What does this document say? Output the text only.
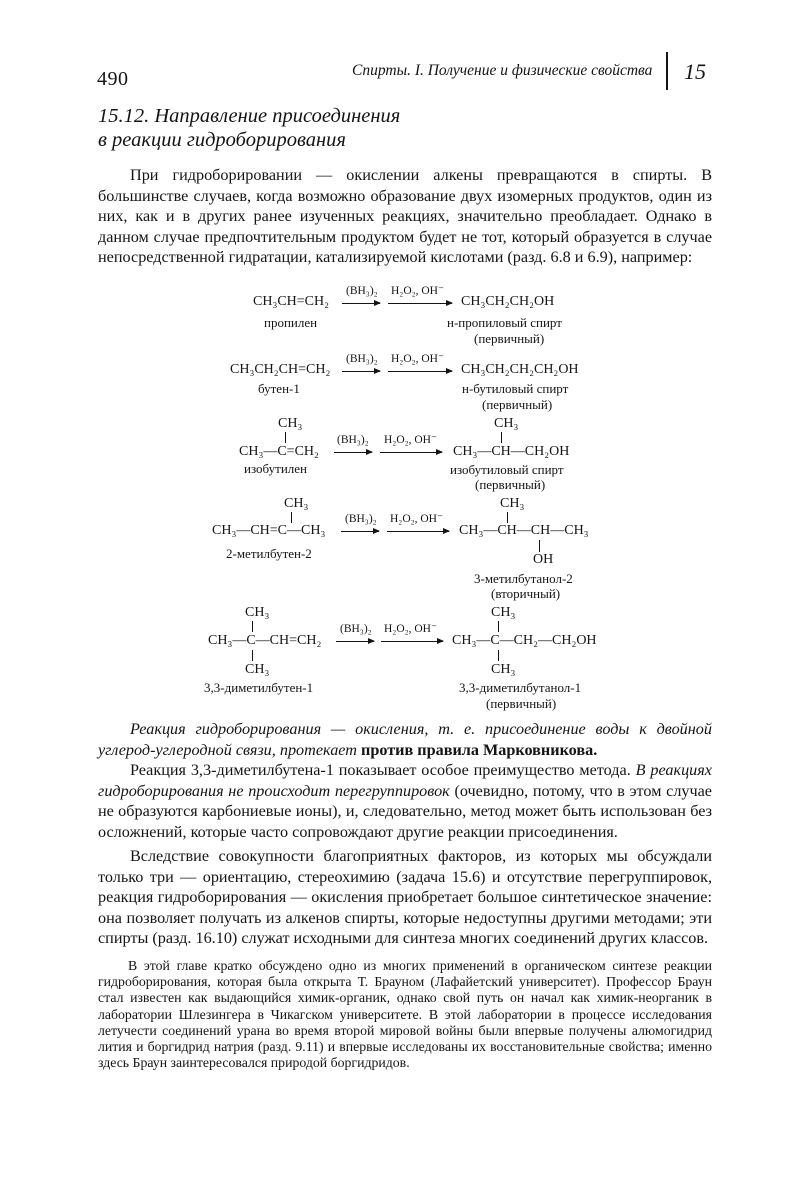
490	Спирты. I. Получение и физические свойства 15
15.12. Направление присоединения
в реакции гидроборирования

При гидроборировании — окислении алкены превращаются в спирты. В большинстве случаев, когда возможно образование двух изомерных продуктов, один из них, как и в других ранее изученных реакциях, значительно преобладает. Однако в данном случае предпочтительным продуктом будет не тот, который образуется в случае непосредственной гидратации, катализируемой кислотами (разд. 6.8 и 6.9), например:

CH₃CH=CH₂
(BH₃)₂ H₂O₂, OH⁻
→ CH₃CH₂CH₂OH
пропилен	н-пропиловый спирт
(первичный)
CH₃CH₂CH=CH₂
(BH₃)₂ H₂O₂, OH⁻
→ CH₃CH₂CH₂CH₂OH
бутен-1	н-бутиловый спирт
(первичный)
CH₃
CH₃—C=CH₂
(BH₃)₂ H₂O₂, OH⁻
CH₃
CH₃—CH—CH₂OH
изобутилен	изобутиловый спирт
(первичный)
CH₃
CH₃—CH=C—CH₃
(BH₃)₂ H₂O₂, OH⁻
CH₃
CH₃—CH—CH—CH₃
OH
2-метилбутен-2
3-метилбутанол-2
(вторичный)
CH₃
CH₃—C—CH=CH₂
CH₃
(BH₃)₂ H₂O₂, OH⁻
CH₃
CH₃—C—CH₂—CH₂OH
CH₃
3,3-диметилбутен-1	3,3-диметилбутанол-1
(первичный)

Реакция гидроборирования — окисления, т. е. присоединение воды к двойной углерод-углеродной связи, протекает против правила Марковникова.

Реакция 3,3-диметилбутена-1 показывает особое преимущество метода. В реакциях гидроборирования не происходит перегруппировок (очевидно, потому, что в этом случае не образуются карбониевые ионы), и, следовательно, метод может быть использован без осложнений, которые часто сопровождают другие реакции присоединения.

Вследствие совокупности благоприятных факторов, из которых мы обсуждали только три — ориентацию, стереохимию (задача 15.6) и отсутствие перегруппировок, реакция гидроборирования — окисления приобретает большое синтетическое значение: она позволяет получать из алкенов спирты, которые недоступны другими методами; эти спирты (разд. 16.10) служат исходными для синтеза многих соединений других классов.

В этой главе кратко обсуждено одно из многих применений в органическом синтезе реакции гидроборирования, которая была открыта Т. Брауном (Лафайетский университет). Профессор Браун стал известен как выдающийся химик-органик, однако свой путь он начал как химик-неорганик в лаборатории Шлезингера в Чикагском университете. В этой лаборатории в процессе исследования летучести соединений урана во время второй мировой войны были впервые получены алюмогидрид лития и боргидрид натрия (разд. 9.11) и впервые исследованы их восстановительные свойства; именно здесь Браун заинтересовался природой боргидридов.
